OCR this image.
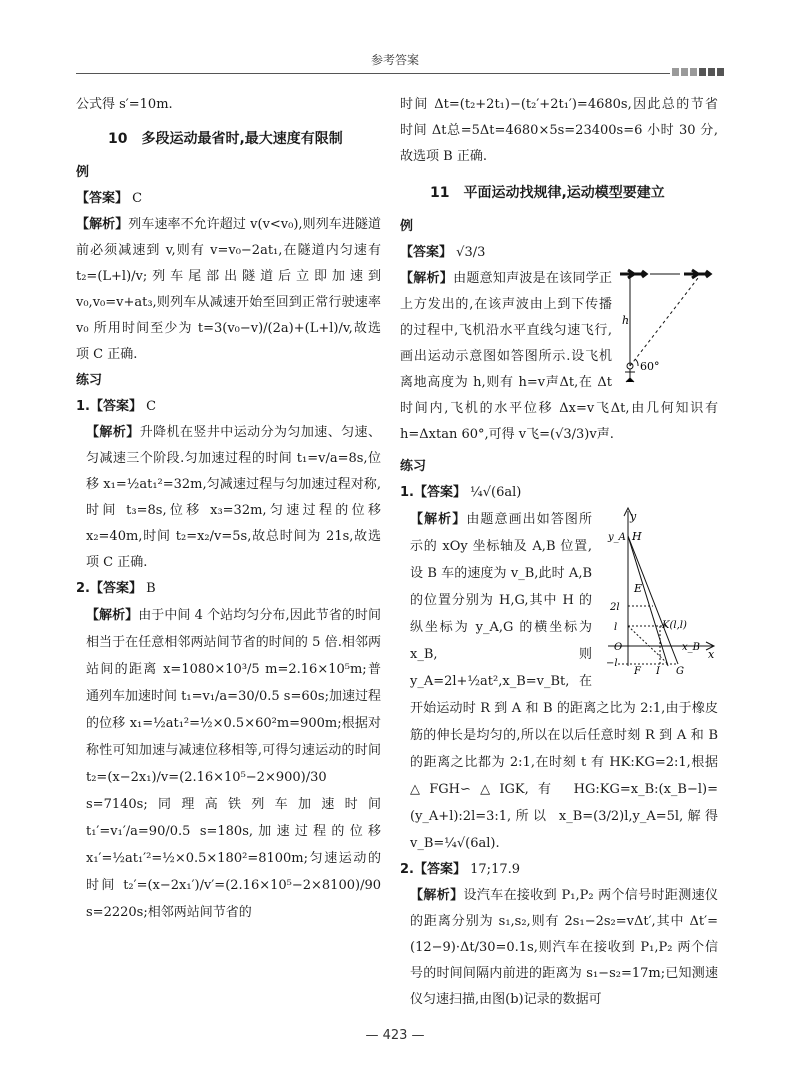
参考答案

公式得 s′=10m.

10　多段运动最省时,最大速度有限制
例

【答案】 C

【解析】列车速率不允许超过 v(v<v₀),则列车进隧道前必须减速到 v,则有 v=v₀−2at₁,在隧道内匀速有 t₂=(L+l)/v;列车尾部出隧道后立即加速到 v₀,v₀=v+at₃,则列车从减速开始至回到正常行驶速率 v₀ 所用时间至少为 t=3(v₀−v)/(2a)+(L+l)/v,故选项 C 正确.

练习

1.【答案】 C

【解析】升降机在竖井中运动分为匀加速、匀速、匀减速三个阶段.匀加速过程的时间 t₁=v/a=8s,位移 x₁=½at₁²=32m,匀减速过程与匀加速过程对称,时间 t₃=8s,位移 x₃=32m,匀速过程的位移 x₂=40m,时间 t₂=x₂/v=5s,故总时间为 21s,故选项 C 正确.

2.【答案】 B

【解析】由于中间 4 个站均匀分布,因此节省的时间相当于在任意相邻两站间节省的时间的 5 倍.相邻两站间的距离 x=1080×10³/5 m=2.16×10⁵m;普通列车加速时间 t₁=v₁/a=30/0.5 s=60s;加速过程的位移 x₁=½at₁²=½×0.5×60²m=900m;根据对称性可知加速与减速位移相等,可得匀速运动的时间 t₂=(x−2x₁)/v=(2.16×10⁵−2×900)/30 s=7140s;同理高铁列车加速时间 t₁′=v₁′/a=90/0.5 s=180s,加速过程的位移 x₁′=½at₁′²=½×0.5×180²=8100m;匀速运动的时间 t₂′=(x−2x₁′)/v′=(2.16×10⁵−2×8100)/90 s=2220s;相邻两站间节省的

时间 Δt=(t₂+2t₁)−(t₂′+2t₁′)=4680s,因此总的节省时间 Δt总=5Δt=4680×5s=23400s=6 小时 30 分,故选项 B 正确.

11　平面运动找规律,运动模型要建立
例

【答案】 √3/3

h
60°
【解析】由题意知声波是在该同学正上方发出的,在该声波由上到下传播的过程中,飞机沿水平直线匀速飞行,画出运动示意图如答图所示.设飞机离地高度为 h,则有 h=v声Δt,在 Δt 时间内,飞机的水平位移 Δx=v飞Δt,由几何知识有 h=Δxtan 60°,可得 v飞=(√3/3)v声.

练习

1.【答案】 ¼√(6al)

y
y_A H
E
2l
l	K(l,l)
O	x_B
x
−l
F I G
【解析】由题意画出如答图所示的 xOy 坐标轴及 A,B 位置,设 B 车的速度为 v_B,此时 A,B 的位置分别为 H,G,其中 H 的纵坐标为 y_A,G 的横坐标为 x_B,则 y_A=2l+½at²,x_B=v_Bt,在开始运动时 R 到 A 和 B 的距离之比为 2:1,由于橡皮筋的伸长是均匀的,所以在以后任意时刻 R 到 A 和 B 的距离之比都为 2:1,在时刻 t 有 HK:KG=2:1,根据△FGH∽△IGK,有 HG:KG=x_B:(x_B−l)=(y_A+l):2l=3:1,所以 x_B=(3/2)l,y_A=5l,解得 v_B=¼√(6al).

2.【答案】 17;17.9

【解析】设汽车在接收到 P₁,P₂ 两个信号时距测速仪的距离分别为 s₁,s₂,则有 2s₁−2s₂=vΔt′,其中 Δt′=(12−9)·Δt/30=0.1s,则汽车在接收到 P₁,P₂ 两个信号的时间间隔内前进的距离为 s₁−s₂=17m;已知测速仪匀速扫描,由图(b)记录的数据可

— 423 —
